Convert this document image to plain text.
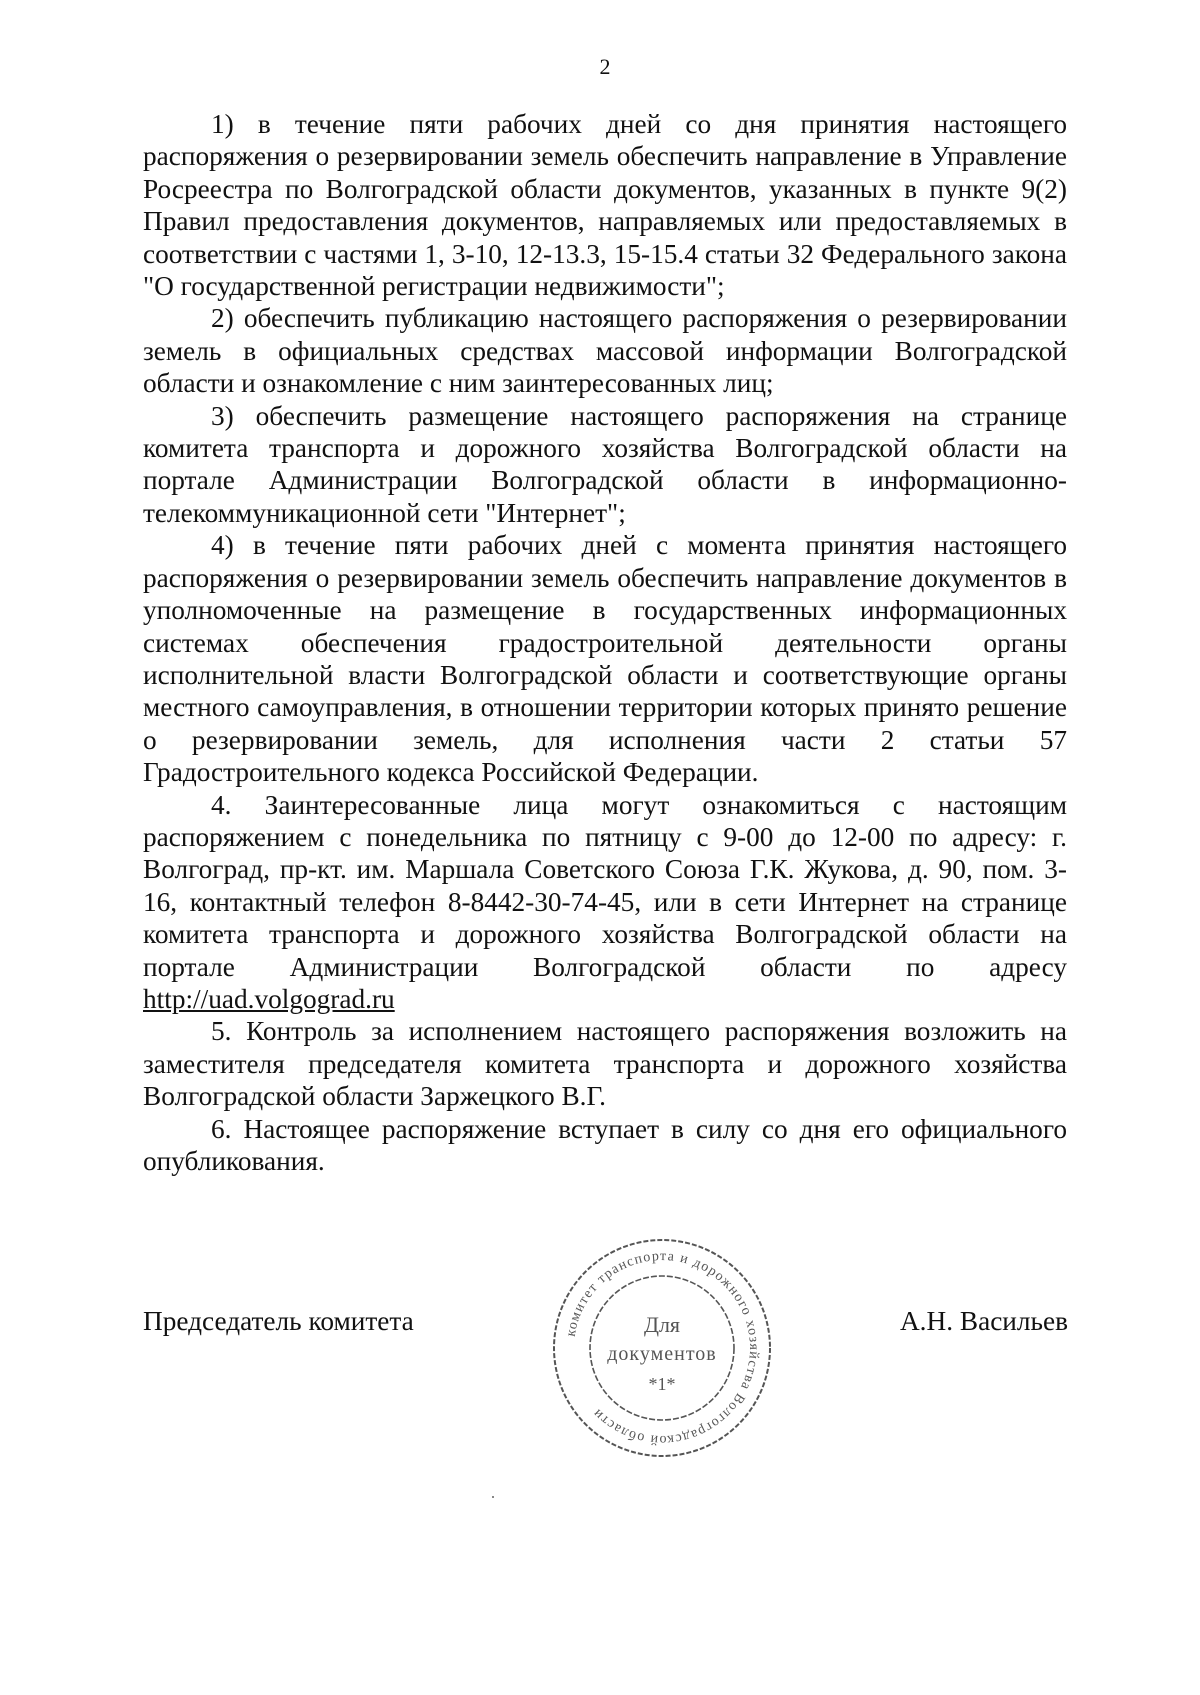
2

1) в течение пяти рабочих дней со дня принятия настоящего распоряжения о резервировании земель обеспечить направление в Управление Росреестра по Волгоградской области документов, указанных в пункте 9(2) Правил предоставления документов, направляемых или предоставляемых в соответствии с частями 1, 3-10, 12-13.3, 15-15.4 статьи 32 Федерального закона "О государственной регистрации недвижимости";

2) обеспечить публикацию настоящего распоряжения о резервировании земель в официальных средствах массовой информации Волгоградской области и ознакомление с ним заинтересованных лиц;

3) обеспечить размещение настоящего распоряжения на странице комитета транспорта и дорожного хозяйства Волгоградской области на портале Администрации Волгоградской области в информационно-телекоммуникационной сети "Интернет";

4) в течение пяти рабочих дней с момента принятия настоящего распоряжения о резервировании земель обеспечить направление документов в уполномоченные на размещение в государственных информационных системах обеспечения градостроительной деятельности органы исполнительной власти Волгоградской области и соответствующие органы местного самоуправления, в отношении территории которых принято решение о резервировании земель, для исполнения части 2 статьи 57 Градостроительного кодекса Российской Федерации.

4. Заинтересованные лица могут ознакомиться с настоящим распоряжением с понедельника по пятницу с 9-00 до 12-00 по адресу: г. Волгоград, пр-кт. им. Маршала Советского Союза Г.К. Жукова, д. 90, пом. 3-16, контактный телефон 8-8442-30-74-45, или в сети Интернет на странице комитета транспорта и дорожного хозяйства Волгоградской области на портале Администрации Волгоградской области по адресу http://uad.volgograd.ru

5. Контроль за исполнением настоящего распоряжения возложить на заместителя председателя комитета транспорта и дорожного хозяйства Волгоградской области Заржецкого В.Г.

6. Настоящее распоряжение вступает в силу со дня его официального опубликования.

Председатель комитета	комитет транспорта и дорожного хозяйства Волгоградской области
Для
документов
*1*
А.Н. Васильев
